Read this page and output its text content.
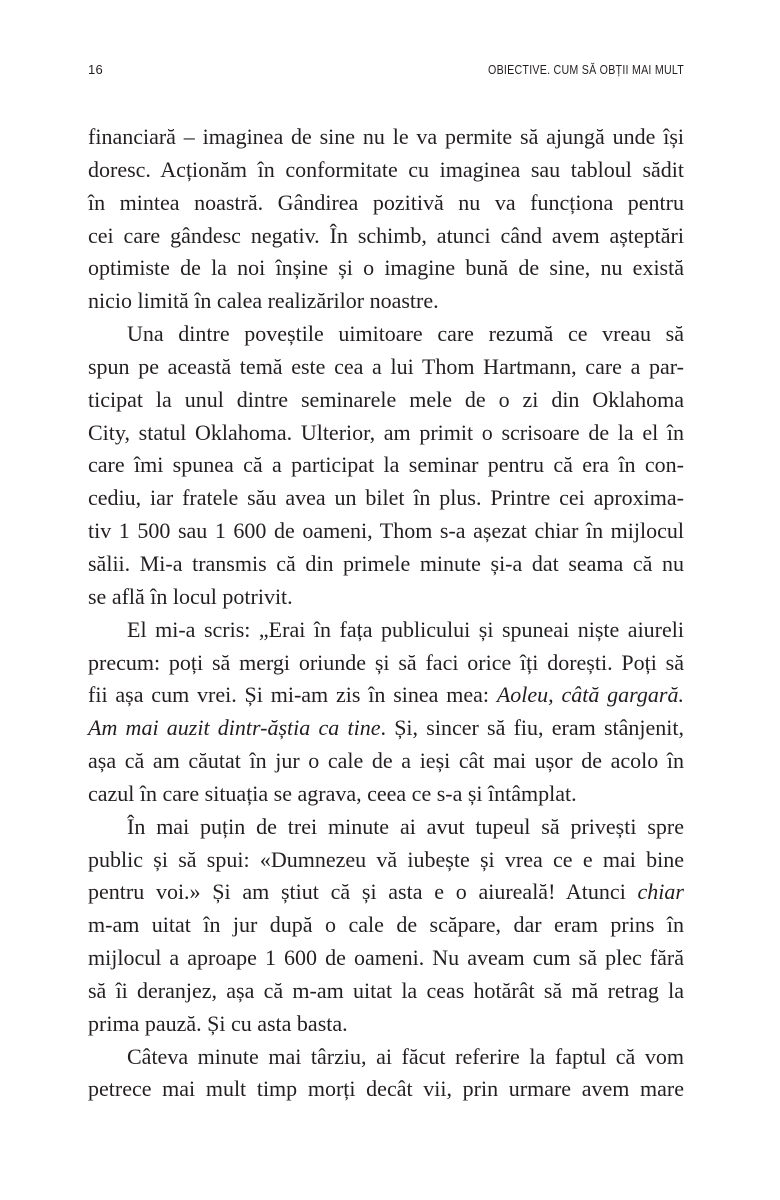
16	OBIECTIVE. CUM SĂ OBȚII MAI MULT
financiară – imaginea de sine nu le va permite să ajungă unde își
doresc. Acționăm în conformitate cu imaginea sau tabloul sădit
în mintea noastră. Gândirea pozitivă nu va funcționa pentru
cei care gândesc negativ. În schimb, atunci când avem așteptări
optimiste de la noi înșine și o imagine bună de sine, nu există
nicio limită în calea realizărilor noastre.
Una dintre poveștile uimitoare care rezumă ce vreau să
spun pe această temă este cea a lui Thom Hartmann, care a par-
ticipat la unul dintre seminarele mele de o zi din Oklahoma
City, statul Oklahoma. Ulterior, am primit o scrisoare de la el în
care îmi spunea că a participat la seminar pentru că era în con-
cediu, iar fratele său avea un bilet în plus. Printre cei aproxima-
tiv 1 500 sau 1 600 de oameni, Thom s-a așezat chiar în mijlocul
sălii. Mi-a transmis că din primele minute și-a dat seama că nu
se află în locul potrivit.
El mi-a scris: „Erai în fața publicului și spuneai niște aiureli
precum: poți să mergi oriunde și să faci orice îți dorești. Poți să
fii așa cum vrei. Și mi-am zis în sinea mea: Aoleu, câtă gargară.
Am mai auzit dintr-ăștia ca tine. Și, sincer să fiu, eram stânjenit,
așa că am căutat în jur o cale de a ieși cât mai ușor de acolo în
cazul în care situația se agrava, ceea ce s-a și întâmplat.
În mai puțin de trei minute ai avut tupeul să privești spre
public și să spui: «Dumnezeu vă iubește și vrea ce e mai bine
pentru voi.» Și am știut că și asta e o aiureală! Atunci chiar
m-am uitat în jur după o cale de scăpare, dar eram prins în
mijlocul a aproape 1 600 de oameni. Nu aveam cum să plec fără
să îi deranjez, așa că m-am uitat la ceas hotărât să mă retrag la
prima pauză. Și cu asta basta.
Câteva minute mai târziu, ai făcut referire la faptul că vom
petrece mai mult timp morți decât vii, prin urmare avem mare
